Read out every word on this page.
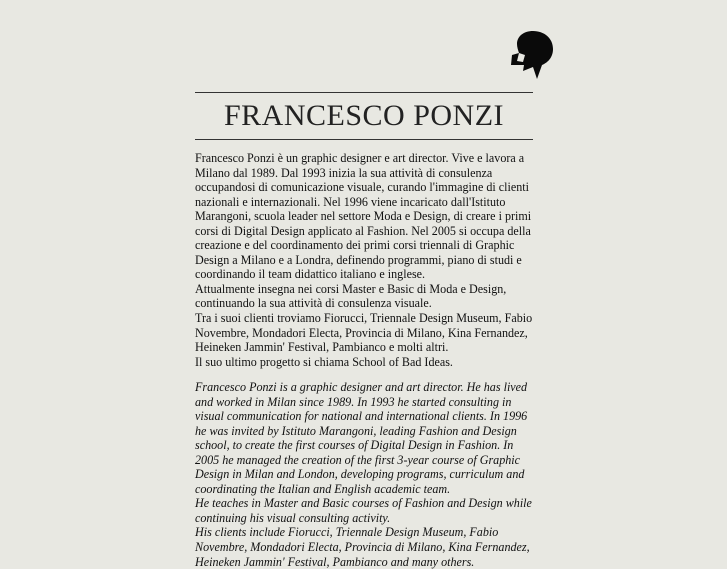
FRANCESCO PONZI

Francesco Ponzi è un graphic designer e art director. Vive e lavora a Milano dal 1989. Dal 1993 inizia la sua attività di consulenza occupandosi di comunicazione visuale, curando l'immagine di clienti nazionali e internazionali. Nel 1996 viene incaricato dall'Istituto Marangoni, scuola leader nel settore Moda e Design, di creare i primi corsi di Digital Design applicato al Fashion. Nel 2005 si occupa della creazione e del coordinamento dei primi corsi triennali di Graphic Design a Milano e a Londra, definendo programmi, piano di studi e coordinando il team didattico italiano e inglese.

Attualmente insegna nei corsi Master e Basic di Moda e Design, continuando la sua attività di consulenza visuale.

Tra i suoi clienti troviamo Fiorucci, Triennale Design Museum, Fabio Novembre, Mondadori Electa, Provincia di Milano, Kina Fernandez, Heineken Jammin' Festival, Pambianco e molti altri.

Il suo ultimo progetto si chiama School of Bad Ideas.

Francesco Ponzi is a graphic designer and art director. He has lived and worked in Milan since 1989. In 1993 he started consulting in visual communication for national and international clients. In 1996 he was invited by Istituto Marangoni, leading Fashion and Design school, to create the first courses of Digital Design in Fashion. In 2005 he managed the creation of the first 3-year course of Graphic Design in Milan and London, developing programs, curriculum and coordinating the Italian and English academic team.

He teaches in Master and Basic courses of Fashion and Design while continuing his visual consulting activity.

His clients include Fiorucci, Triennale Design Museum, Fabio Novembre, Mondadori Electa, Provincia di Milano, Kina Fernandez, Heineken Jammin' Festival, Pambianco and many others.
